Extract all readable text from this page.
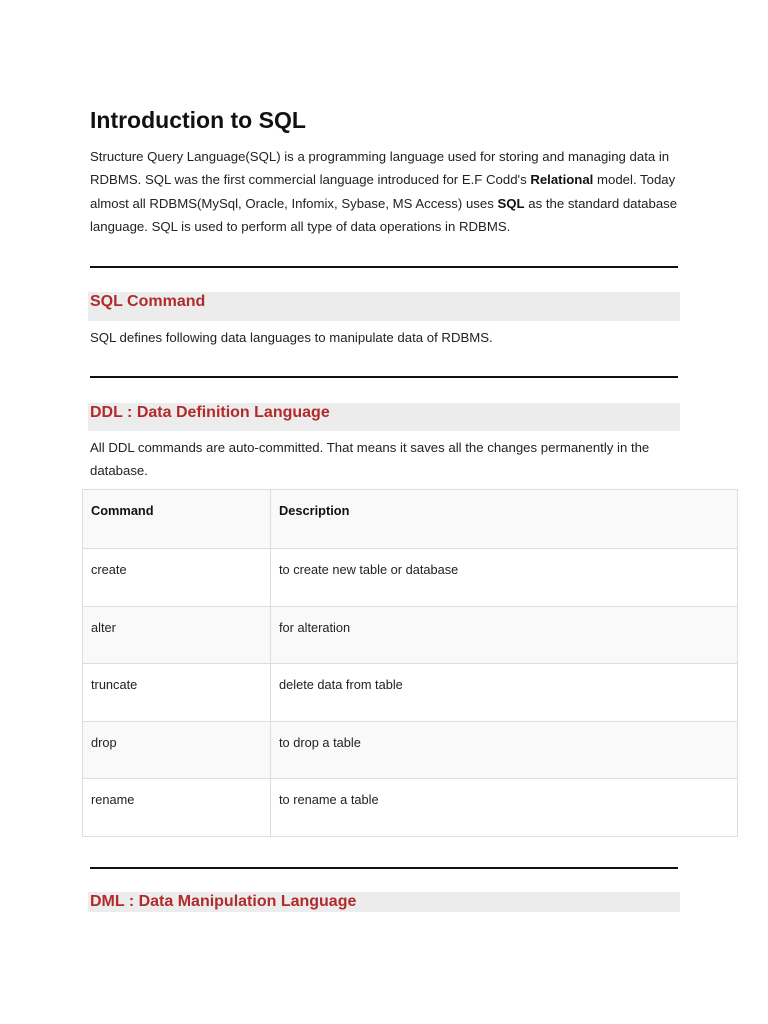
Introduction to SQL

Structure Query Language(SQL) is a programming language used for storing and managing data in RDBMS. SQL was the first commercial language introduced for E.F Codd's Relational model. Today almost all RDBMS(MySql, Oracle, Infomix, Sybase, MS Access) uses SQL as the standard database language. SQL is used to perform all type of data operations in RDBMS.

SQL Command

SQL defines following data languages to manipulate data of RDBMS.

DDL : Data Definition Language

All DDL commands are auto-committed. That means it saves all the changes permanently in the database.

Command	Description
create	to create new table or database
alter	for alteration
truncate	delete data from table
drop	to drop a table
rename	to rename a table
DML : Data Manipulation Language
